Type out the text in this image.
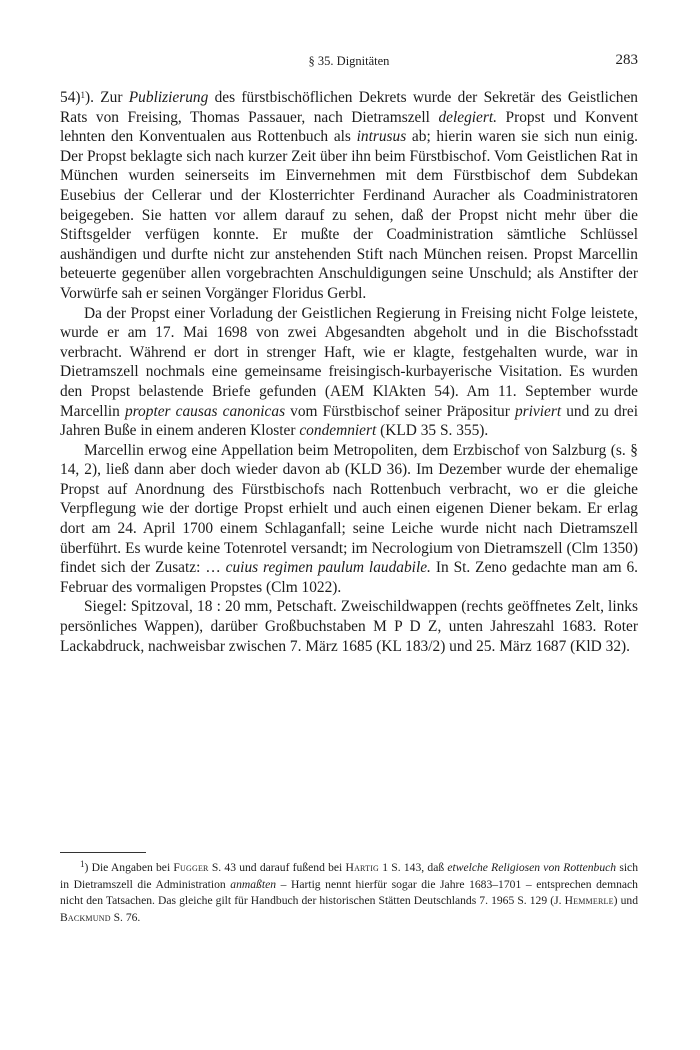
§ 35. Dignitäten	283

54)$^1$). Zur Publizierung des fürstbischöflichen Dekrets wurde der Sekretär des Geistlichen Rats von Freising, Thomas Passauer, nach Dietramszell delegiert. Propst und Konvent lehnten den Konventualen aus Rottenbuch als intrusus ab; hierin waren sie sich nun einig. Der Propst beklagte sich nach kurzer Zeit über ihn beim Fürstbischof. Vom Geistlichen Rat in München wurden seinerseits im Einvernehmen mit dem Fürstbischof dem Subdekan Eusebius der Cellerar und der Klosterrichter Ferdinand Auracher als Coadministratoren beigegeben. Sie hatten vor allem darauf zu sehen, daß der Propst nicht mehr über die Stiftsgelder verfügen konnte. Er mußte der Coadministration sämtliche Schlüssel aushändigen und durfte nicht zur anstehenden Stift nach München reisen. Propst Marcellin beteuerte gegenüber allen vorgebrachten Anschuldigungen seine Unschuld; als Anstifter der Vorwürfe sah er seinen Vorgänger Floridus Gerbl.

Da der Propst einer Vorladung der Geistlichen Regierung in Freising nicht Folge leistete, wurde er am 17. Mai 1698 von zwei Abgesandten abgeholt und in die Bischofsstadt verbracht. Während er dort in strenger Haft, wie er klagte, festgehalten wurde, war in Dietramszell nochmals eine gemeinsame freisingisch-kurbayerische Visitation. Es wurden den Propst belastende Briefe gefunden (AEM KlAkten 54). Am 11. September wurde Marcellin propter causas canonicas vom Fürstbischof seiner Präpositur priviert und zu drei Jahren Buße in einem anderen Kloster condemniert (KLD 35 S. 355).

Marcellin erwog eine Appellation beim Metropoliten, dem Erzbischof von Salzburg (s. § 14, 2), ließ dann aber doch wieder davon ab (KLD 36). Im Dezember wurde der ehemalige Propst auf Anordnung des Fürstbischofs nach Rottenbuch verbracht, wo er die gleiche Verpflegung wie der dortige Propst erhielt und auch einen eigenen Diener bekam. Er erlag dort am 24. April 1700 einem Schlaganfall; seine Leiche wurde nicht nach Dietramszell überführt. Es wurde keine Totenrotel versandt; im Necrologium von Dietramszell (Clm 1350) findet sich der Zusatz: … cuius regimen paulum laudabile. In St. Zeno gedachte man am 6. Februar des vormaligen Propstes (Clm 1022).

Siegel: Spitzoval, 18 : 20 mm, Petschaft. Zweischildwappen (rechts geöffnetes Zelt, links persönliches Wappen), darüber Großbuchstaben M P D Z, unten Jahreszahl 1683. Roter Lackabdruck, nachweisbar zwischen 7. März 1685 (KL 183/2) und 25. März 1687 (KlD 32).

$^1$) Die Angaben bei Fugger S. 43 und darauf fußend bei Hartig 1 S. 143, daß etwelche Religiosen von Rottenbuch sich in Dietramszell die Administration anmaßten – Hartig nennt hierfür sogar die Jahre 1683–1701 – entsprechen demnach nicht den Tatsachen. Das gleiche gilt für Handbuch der historischen Stätten Deutschlands 7. 1965 S. 129 (J. Hemmerle) und Backmund S. 76.
